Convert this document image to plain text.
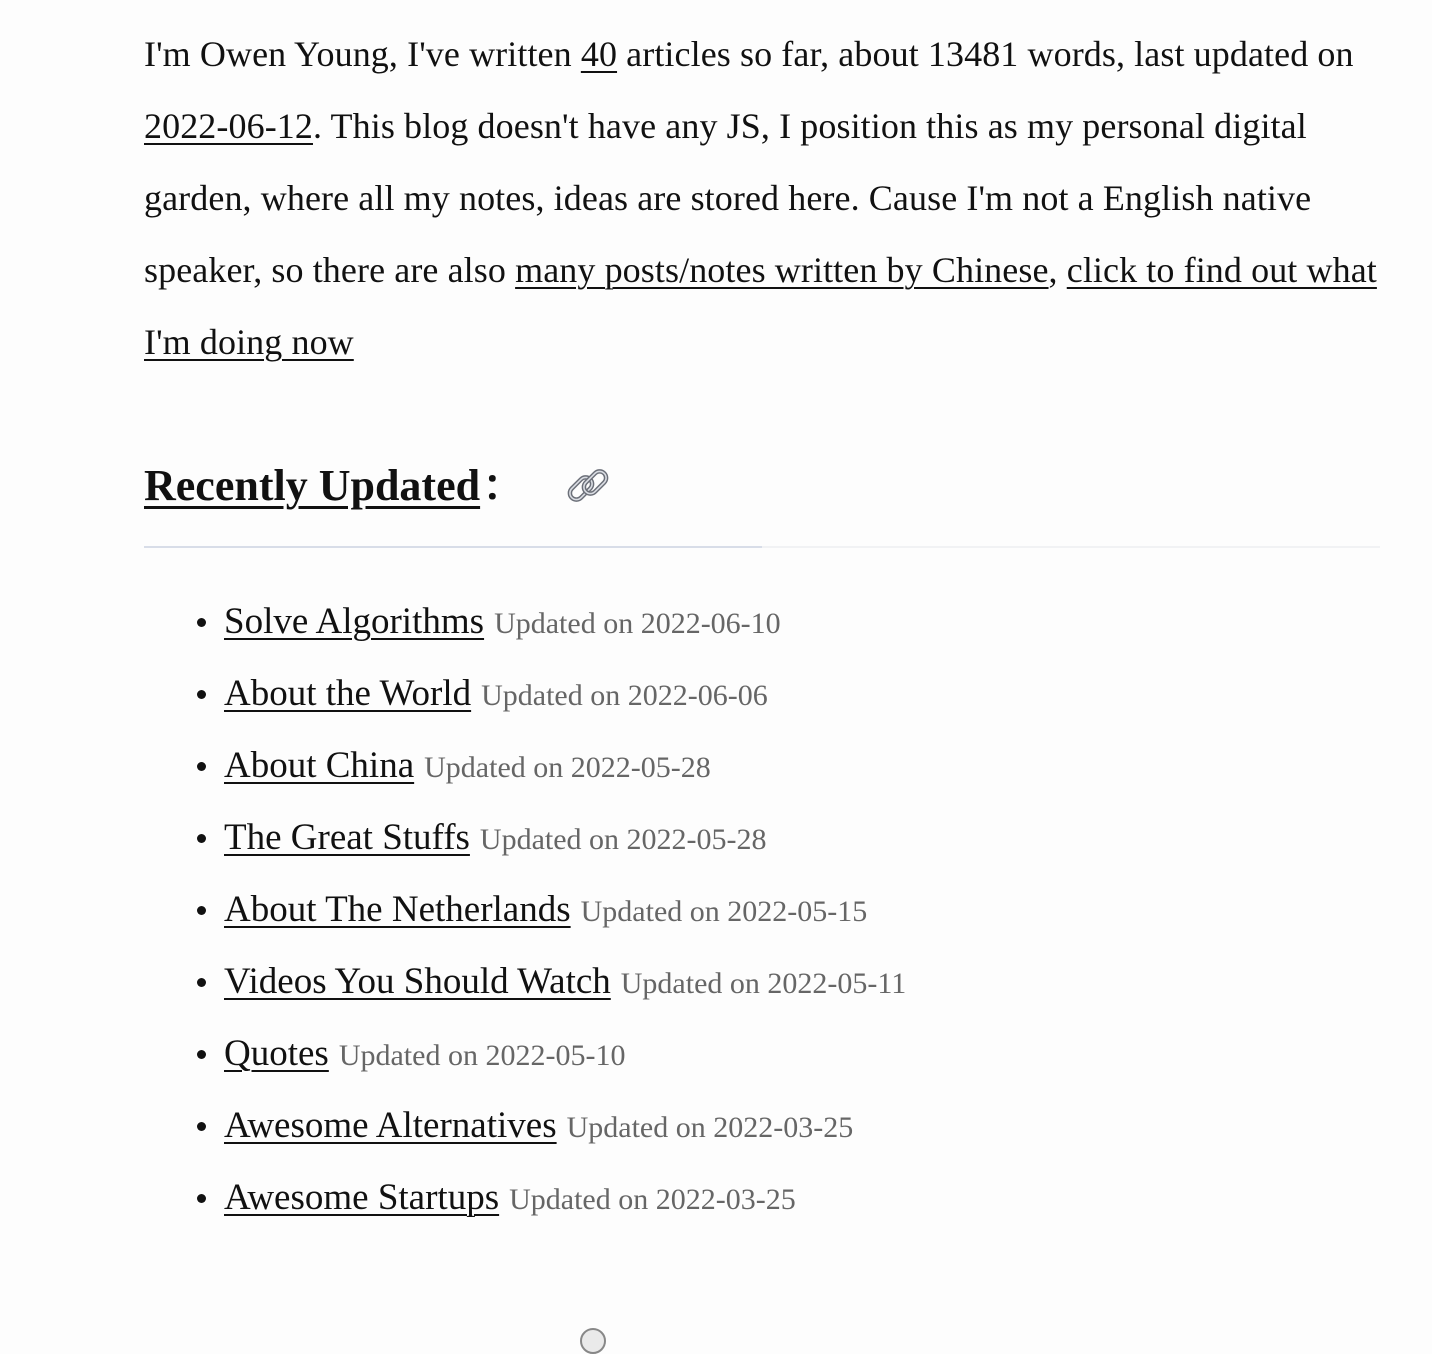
I'm Owen Young, I've written 40 articles so far, about 13481 words, last updated on 2022-06-12. This blog doesn't have any JS, I position this as my personal digital garden, where all my notes, ideas are stored here. Cause I'm not a English native speaker, so there are also many posts/notes written by Chinese, click to find out what I'm doing now

Recently Updated ：
Solve Algorithms Updated on 2022-06-10
About the World Updated on 2022-06-06
About China Updated on 2022-05-28
The Great Stuffs Updated on 2022-05-28
About The Netherlands Updated on 2022-05-15
Videos You Should Watch Updated on 2022-05-11
Quotes Updated on 2022-05-10
Awesome Alternatives Updated on 2022-03-25
Awesome Startups Updated on 2022-03-25
